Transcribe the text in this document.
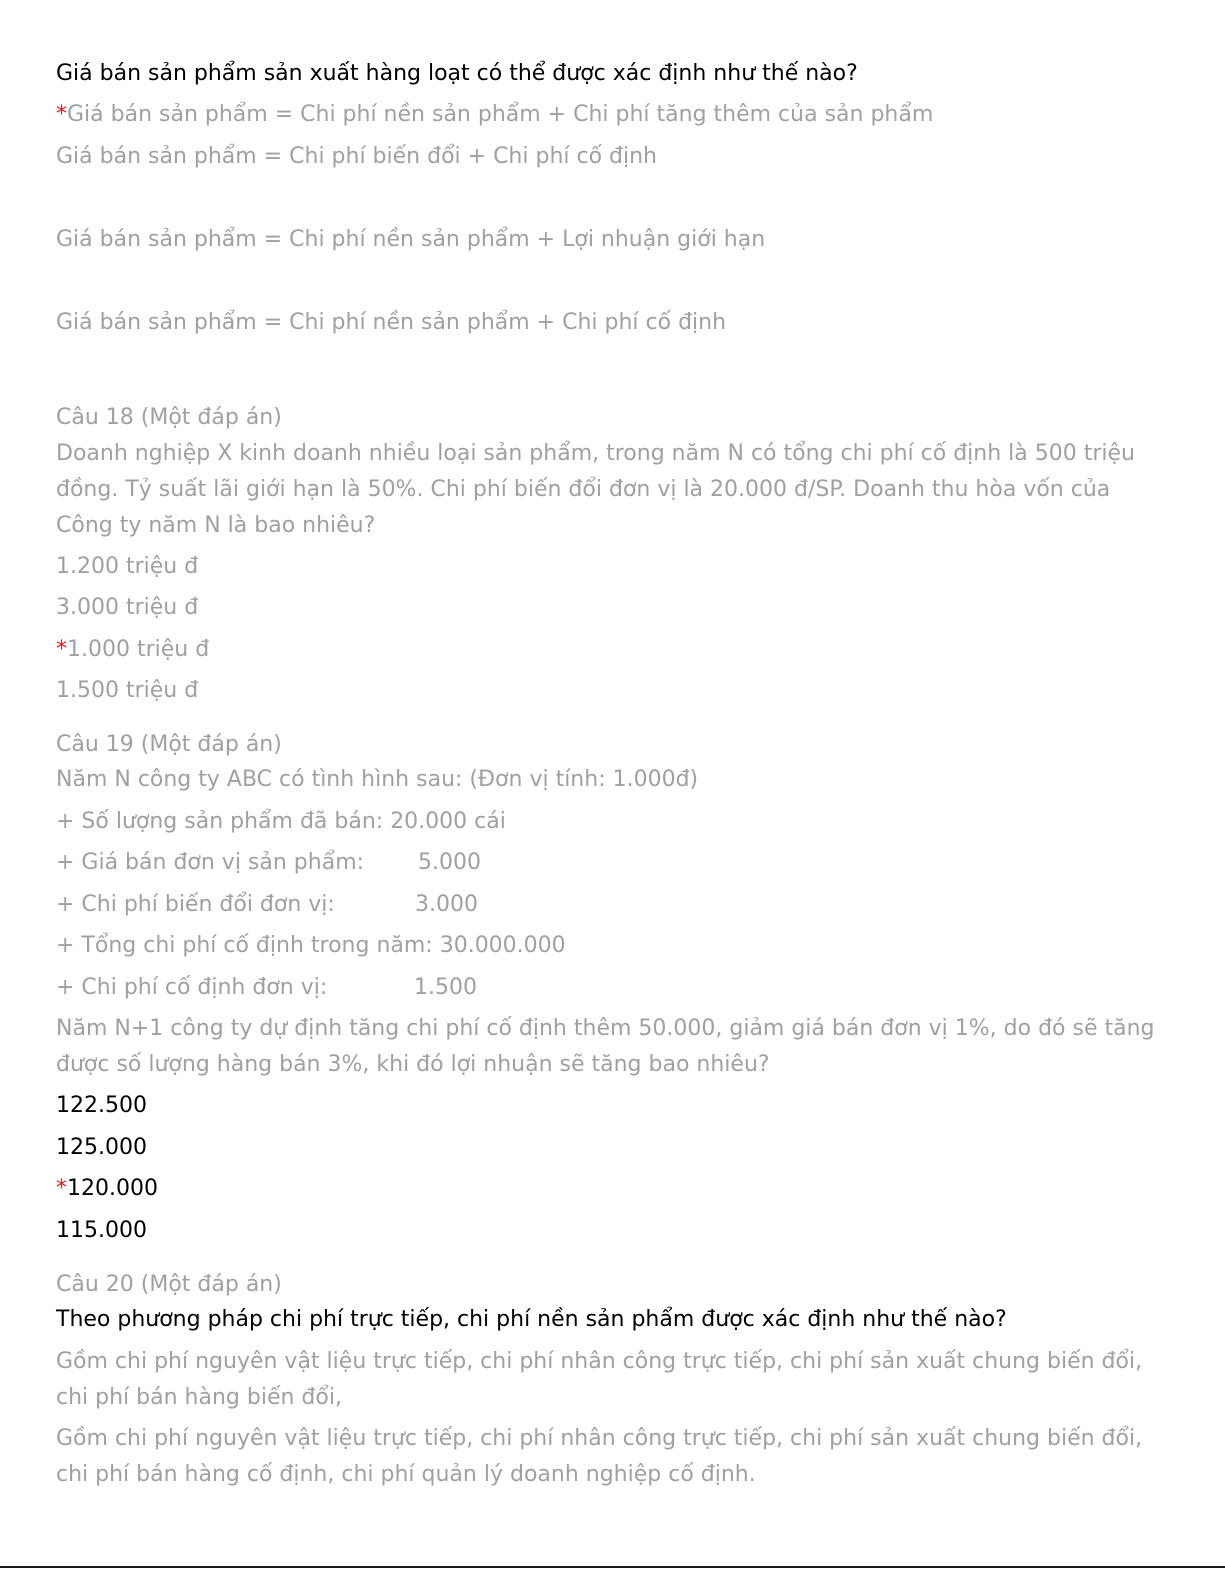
Giá bán sản phẩm sản xuất hàng loạt có thể được xác định như thế nào?
*Giá bán sản phẩm = Chi phí nền sản phẩm + Chi phí tăng thêm của sản phẩm
Giá bán sản phẩm = Chi phí biến đổi + Chi phí cố định
Giá bán sản phẩm = Chi phí nền sản phẩm + Lợi nhuận giới hạn
Giá bán sản phẩm = Chi phí nền sản phẩm + Chi phí cố định
Câu 18 (Một đáp án)
Doanh nghiệp X kinh doanh nhiều loại sản phẩm, trong năm N có tổng chi phí cố định là 500 triệu đồng. Tỷ suất lãi giới hạn là 50%. Chi phí biến đổi đơn vị là 20.000 đ/SP. Doanh thu hòa vốn của Công ty năm N là bao nhiêu?
1.200 triệu đ
3.000 triệu đ
*1.000 triệu đ
1.500 triệu đ
Câu 19 (Một đáp án)
Năm N công ty ABC có tình hình sau: (Đơn vị tính: 1.000đ)
+ Số lượng sản phẩm đã bán: 20.000 cái
+ Giá bán đơn vị sản phẩm: 5.000
+ Chi phí biến đổi đơn vị:	3.000
+ Tổng chi phí cố định trong năm: 30.000.000
+ Chi phí cố định đơn vị:	1.500
Năm N+1 công ty dự định tăng chi phí cố định thêm 50.000, giảm giá bán đơn vị 1%, do đó sẽ tăng được số lượng hàng bán 3%, khi đó lợi nhuận sẽ tăng bao nhiêu?
122.500
125.000
*120.000
115.000
Câu 20 (Một đáp án)
Theo phương pháp chi phí trực tiếp, chi phí nền sản phẩm được xác định như thế nào?
Gồm chi phí nguyên vật liệu trực tiếp, chi phí nhân công trực tiếp, chi phí sản xuất chung biến đổi, chi phí bán hàng biến đổi,
Gồm chi phí nguyên vật liệu trực tiếp, chi phí nhân công trực tiếp, chi phí sản xuất chung biến đổi, chi phí bán hàng cố định, chi phí quản lý doanh nghiệp cố định.
